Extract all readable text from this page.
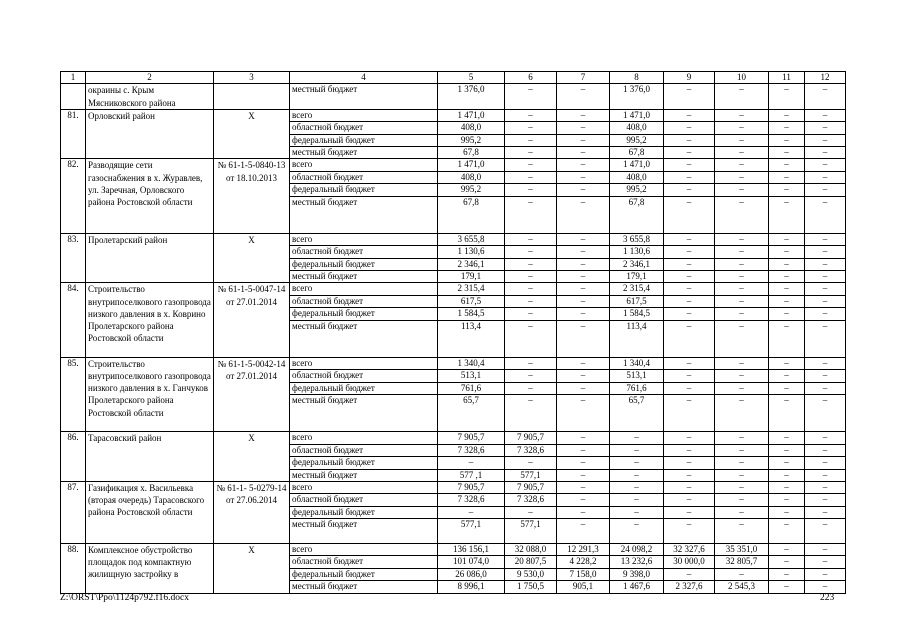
1	2	3	4	5	6	7	8	9	10	11	12
	окраины с. Крым Мясниковского района		местный бюджет	1 376,0	–	–	1 376,0	–	–	–	–
81.	Орловский район	Х	всего	1 471,0	–	–	1 471,0	–	–	–	–
			областной бюджет	408,0	–	–	408,0	–	–	–	–
			федеральный бюджет	995,2	–	–	995,2	–	–	–	–
			местный бюджет	67,8	–	–	67,8	–	–	–	–
82.	Разводящие сети газоснабжения в х. Журавлев, ул. Заречная, Орловского района Ростовской области	№ 61-1-5-0840-13 от 18.10.2013	всего	1 471,0	–	–	1 471,0	–	–	–	–
			областной бюджет	408,0	–	–	408,0	–	–	–	–
			федеральный бюджет	995,2	–	–	995,2	–	–	–	–
			местный бюджет	67,8	–	–	67,8	–	–	–	–
83.	Пролетарский район	Х	всего	3 655,8	–	–	3 655,8	–	–	–	–
			областной бюджет	1 130,6	–	–	1 130,6	–	–	–	–
			федеральный бюджет	2 346,1	–	–	2 346,1	–	–	–	–
			местный бюджет	179,1	–	–	179,1	–	–	–	–
84.	Строительство внутрипоселкового газопровода низкого давления в х. Коврино Пролетарского района Ростовской области	№ 61-1-5-0047-14 от 27.01.2014	всего	2 315,4	–	–	2 315,4	–	–	–	–
			областной бюджет	617,5	–	–	617,5	–	–	–	–
			федеральный бюджет	1 584,5	–	–	1 584,5	–	–	–	–
			местный бюджет	113,4	–	–	113,4	–	–	–	–
85.	Строительство внутрипоселкового газопровода низкого давления в х. Ганчуков Пролетарского района Ростовской области	№ 61-1-5-0042-14 от 27.01.2014	всего	1 340,4	–	–	1 340,4	–	–	–	–
			областной бюджет	513,1	–	–	513,1	–	–	–	–
			федеральный бюджет	761,6	–	–	761,6	–	–	–	–
			местный бюджет	65,7	–	–	65,7	–	–	–	–
86.	Тарасовский район	Х	всего	7 905,7	7 905,7	–	–	–	–	–	–
			областной бюджет	7 328,6	7 328,6	–	–	–	–	–	–
			федеральный бюджет	–	–	–	–	–	–	–	–
			местный бюджет	577 ,1	577,1	–	–	–	–	–	–
87.	Газификация х. Васильевка (вторая очередь) Тарасовского района Ростовской области	№ 61-1- 5-0279-14 от 27.06.2014	всего	7 905,7	7 905,7	–	–	–	–	–	–
			областной бюджет	7 328,6	7 328,6	–	–	–	–	–	–
			федеральный бюджет	–	–	–	–	–	–	–	–
			местный бюджет	577,1	577,1	–	–	–	–	–	–
88.	Комплексное обустройство площадок под компактную жилищную застройку в	Х	всего	136 156,1	32 088,0	12 291,3	24 098,2	32 327,6	35 351,0	–	–
			областной бюджет	101 074,0	20 807,5	4 228,2	13 232,6	30 000,0	32 805,7	–	–
			федеральный бюджет	26 086,0	9 530,0	7 158,0	9 398,0	–	–	–	–
			местный бюджет	8 996,1	1 750,5	905,1	1 467,6	2 327,6	2 545,3	–	–
Z:\ORST\Ppo\1124p792.f16.docx	223
